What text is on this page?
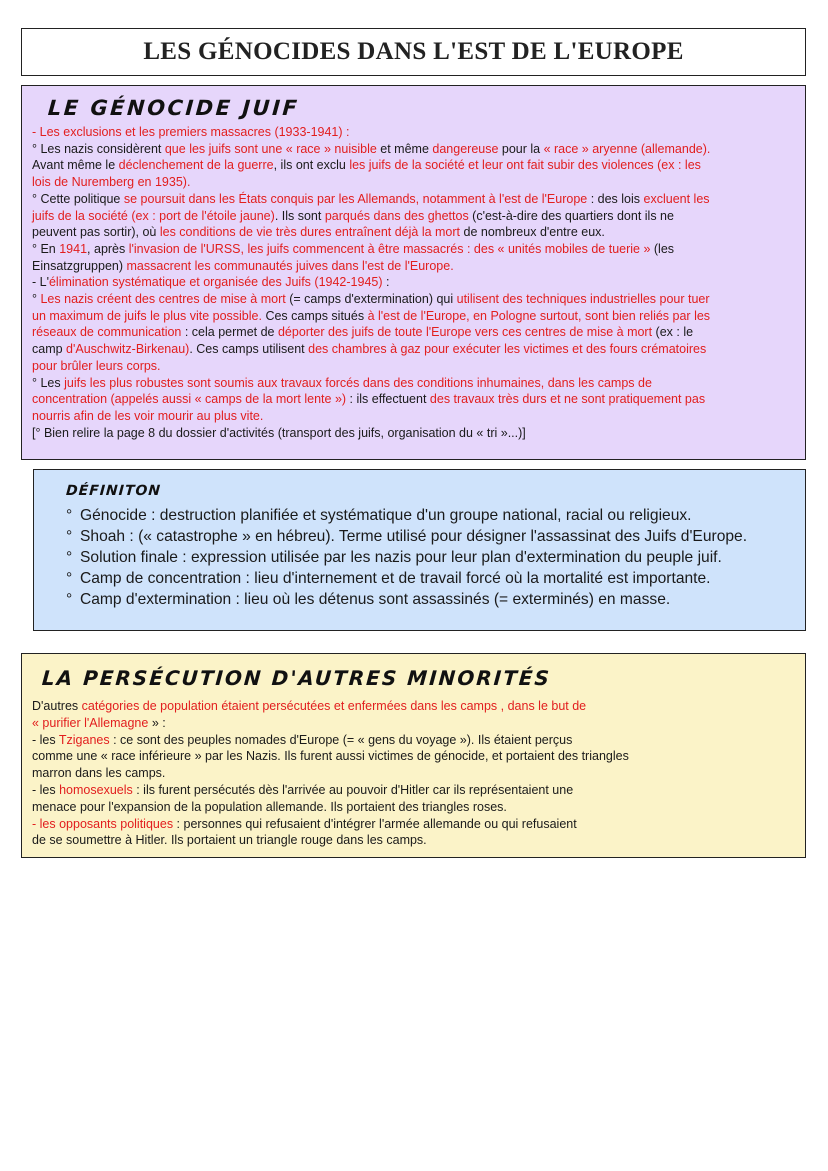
LES GÉNOCIDES DANS L'EST DE L'EUROPE
LE GÉNOCIDE JUIF

- Les exclusions et les premiers massacres (1933-1941) :

° Les nazis considèrent que les juifs sont une « race » nuisible et même dangereuse pour la « race » aryenne (allemande).

Avant même le déclenchement de la guerre, ils ont exclu les juifs de la société et leur ont fait subir des violences (ex : les

lois de Nuremberg en 1935).

° Cette politique se poursuit dans les États conquis par les Allemands, notamment à l'est de l'Europe : des lois excluent les

juifs de la société (ex : port de l'étoile jaune). Ils sont parqués dans des ghettos (c'est-à-dire des quartiers dont ils ne

peuvent pas sortir), où les conditions de vie très dures entraînent déjà la mort de nombreux d'entre eux.

° En 1941, après l'invasion de l'URSS, les juifs commencent à être massacrés : des « unités mobiles de tuerie » (les

Einsatzgruppen) massacrent les communautés juives dans l'est de l'Europe.

- L'élimination systématique et organisée des Juifs (1942-1945) :

° Les nazis créent des centres de mise à mort (= camps d'extermination) qui utilisent des techniques industrielles pour tuer

un maximum de juifs le plus vite possible. Ces camps situés à l'est de l'Europe, en Pologne surtout, sont bien reliés par les

réseaux de communication : cela permet de déporter des juifs de toute l'Europe vers ces centres de mise à mort (ex : le

camp d'Auschwitz-Birkenau). Ces camps utilisent des chambres à gaz pour exécuter les victimes et des fours crématoires

pour brûler leurs corps.

° Les juifs les plus robustes sont soumis aux travaux forcés dans des conditions inhumaines, dans les camps de

concentration (appelés aussi « camps de la mort lente ») : ils effectuent des travaux très durs et ne sont pratiquement pas

nourris afin de les voir mourir au plus vite.

[° Bien relire la page 8 du dossier d'activités (transport des juifs, organisation du « tri »...)]

DÉFINITON

° Génocide : destruction planifiée et systématique d'un groupe national, racial ou religieux.

° Shoah : (« catastrophe » en hébreu). Terme utilisé pour désigner l'assassinat des Juifs d'Europe.

° Solution finale : expression utilisée par les nazis pour leur plan d'extermination du peuple juif.

° Camp de concentration : lieu d'internement et de travail forcé où la mortalité est importante.

° Camp d'extermination : lieu où les détenus sont assassinés (= exterminés) en masse.

LA PERSÉCUTION D'AUTRES MINORITÉS

D'autres catégories de population étaient persécutées et enfermées dans les camps , dans le but de

« purifier l'Allemagne » :

- les Tziganes : ce sont des peuples nomades d'Europe (= « gens du voyage »). Ils étaient perçus

comme une « race inférieure » par les Nazis. Ils furent aussi victimes de génocide, et portaient des triangles

marron dans les camps.

- les homosexuels : ils furent persécutés dès l'arrivée au pouvoir d'Hitler car ils représentaient une

menace pour l'expansion de la population allemande. Ils portaient des triangles roses.

- les opposants politiques : personnes qui refusaient d'intégrer l'armée allemande ou qui refusaient

de se soumettre à Hitler. Ils portaient un triangle rouge dans les camps.
